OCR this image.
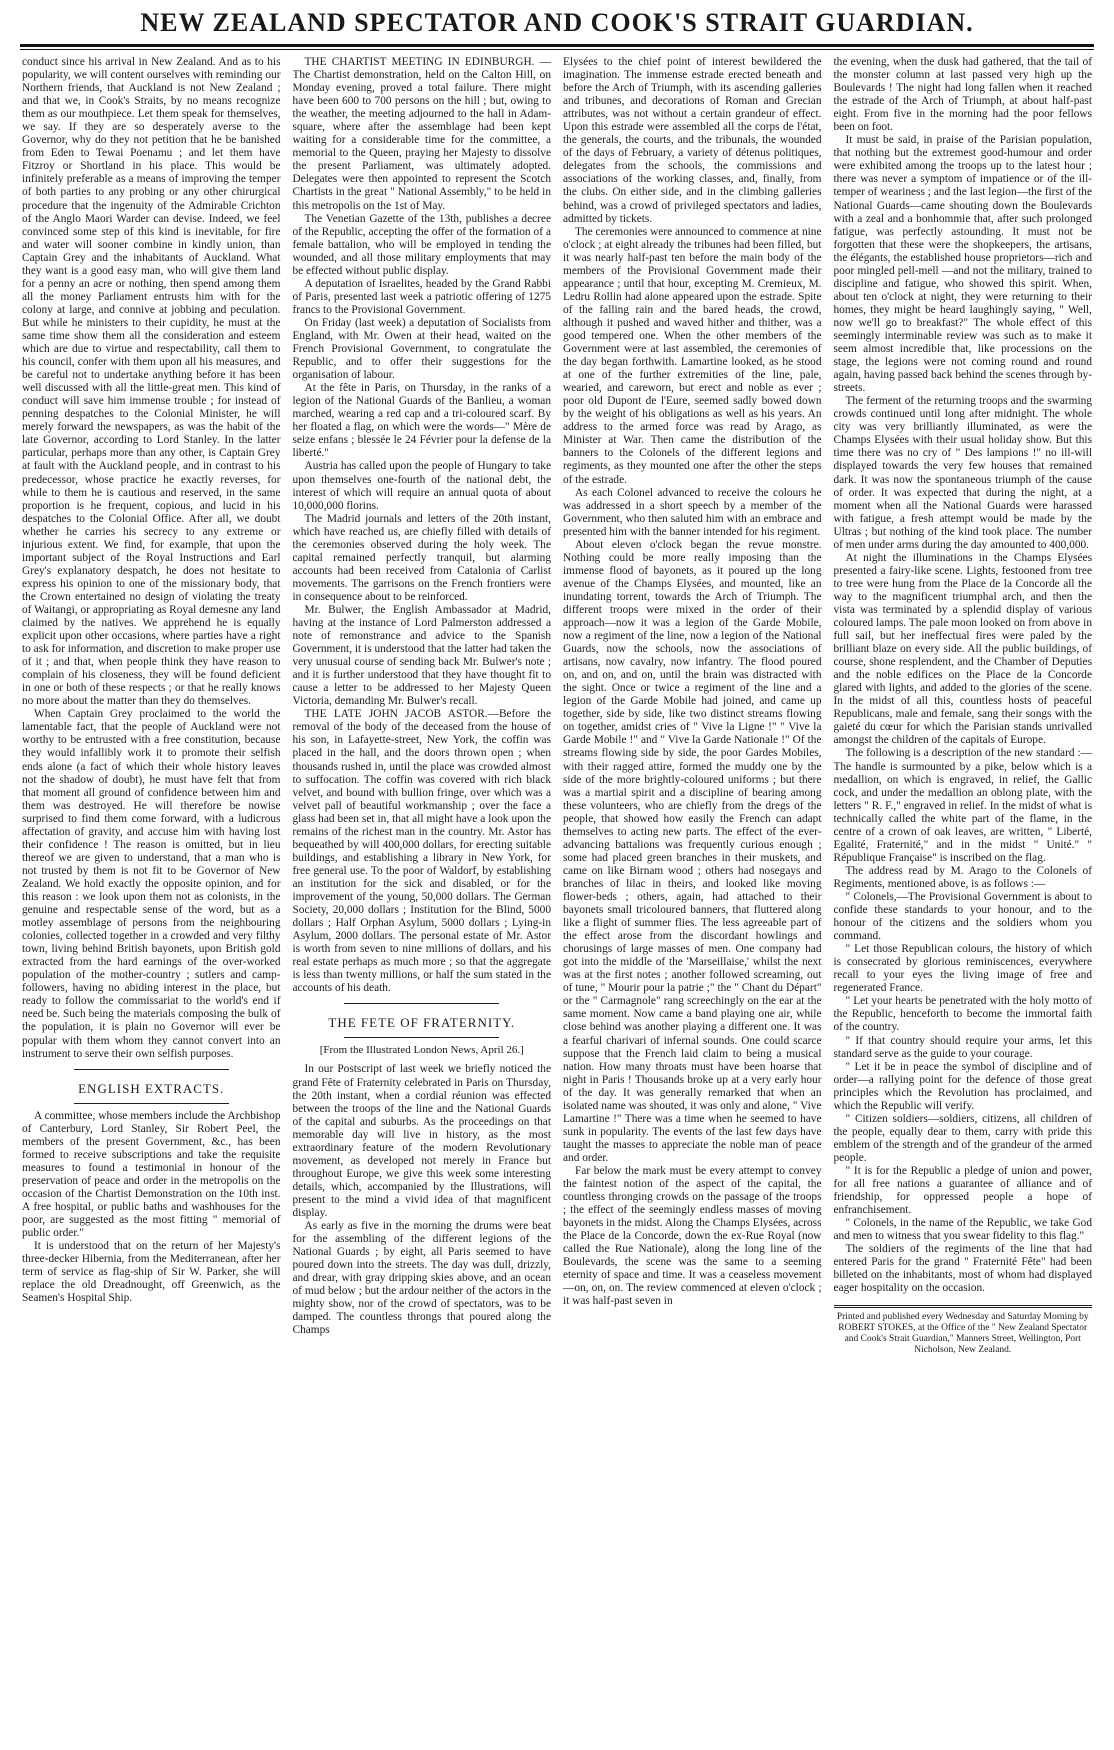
NEW ZEALAND SPECTATOR AND COOK'S STRAIT GUARDIAN.

conduct since his arrival in New Zealand. And as to his popularity, we will content ourselves with reminding our Northern friends, that Auckland is not New Zealand ; and that we, in Cook's Straits, by no means recognize them as our mouthpiece. Let them speak for themselves, we say. If they are so desperately averse to the Governor, why do they not petition that he be banished from Eden to Tewai Poenamu ; and let them have Fitzroy or Shortland in his place. This would be infinitely preferable as a means of improving the temper of both parties to any probing or any other chirurgical procedure that the ingenuity of the Admirable Crichton of the Anglo Maori Warder can devise. Indeed, we feel convinced some step of this kind is inevitable, for fire and water will sooner combine in kindly union, than Captain Grey and the inhabitants of Auckland. What they want is a good easy man, who will give them land for a penny an acre or nothing, then spend among them all the money Parliament entrusts him with for the colony at large, and connive at jobbing and peculation. But while he ministers to their cupidity, he must at the same time show them all the consideration and esteem which are due to virtue and respectability, call them to his council, confer with them upon all his measures, and be careful not to undertake anything before it has been well discussed with all the little-great men. This kind of conduct will save him immense trouble ; for instead of penning despatches to the Colonial Minister, he will merely forward the newspapers, as was the habit of the late Governor, according to Lord Stanley. In the latter particular, perhaps more than any other, is Captain Grey at fault with the Auckland people, and in contrast to his predecessor, whose practice he exactly reverses, for while to them he is cautious and reserved, in the same proportion is he frequent, copious, and lucid in his despatches to the Colonial Office. After all, we doubt whether he carries his secrecy to any extreme or injurious extent. We find, for example, that upon the important subject of the Royal Instructions and Earl Grey's explanatory despatch, he does not hesitate to express his opinion to one of the missionary body, that the Crown entertained no design of violating the treaty of Waitangi, or appropriating as Royal demesne any land claimed by the natives. We apprehend he is equally explicit upon other occasions, where parties have a right to ask for information, and discretion to make proper use of it ; and that, when people think they have reason to complain of his closeness, they will be found deficient in one or both of these respects ; or that he really knows no more about the matter than they do themselves.

When Captain Grey proclaimed to the world the lamentable fact, that the people of Auckland were not worthy to be entrusted with a free constitution, because they would infallibly work it to promote their selfish ends alone (a fact of which their whole history leaves not the shadow of doubt), he must have felt that from that moment all ground of confidence between him and them was destroyed. He will therefore be nowise surprised to find them come forward, with a ludicrous affectation of gravity, and accuse him with having lost their confidence ! The reason is omitted, but in lieu thereof we are given to understand, that a man who is not trusted by them is not fit to be Governor of New Zealand. We hold exactly the opposite opinion, and for this reason : we look upon them not as colonists, in the genuine and respectable sense of the word, but as a motley assemblage of persons from the neighbouring colonies, collected together in a crowded and very filthy town, living behind British bayonets, upon British gold extracted from the hard earnings of the over-worked population of the mother-country ; sutlers and camp-followers, having no abiding interest in the place, but ready to follow the commissariat to the world's end if need be. Such being the materials composing the bulk of the population, it is plain no Governor will ever be popular with them whom they cannot convert into an instrument to serve their own selfish purposes.

ENGLISH EXTRACTS.

A committee, whose members include the Archbishop of Canterbury, Lord Stanley, Sir Robert Peel, the members of the present Government, &c., has been formed to receive subscriptions and take the requisite measures to found a testimonial in honour of the preservation of peace and order in the metropolis on the occasion of the Chartist Demonstration on the 10th inst. A free hospital, or public baths and washhouses for the poor, are suggested as the most fitting " memorial of public order."

It is understood that on the return of her Majesty's three-decker Hibernia, from the Mediterranean, after her term of service as flag-ship of Sir W. Parker, she will replace the old Dreadnought, off Greenwich, as the Seamen's Hospital Ship.

THE CHARTIST MEETING IN EDINBURGH. —The Chartist demonstration, held on the Calton Hill, on Monday evening, proved a total failure. There might have been 600 to 700 persons on the hill ; but, owing to the weather, the meeting adjourned to the hall in Adam-square, where after the assemblage had been kept waiting for a considerable time for the committee, a memorial to the Queen, praying her Majesty to dissolve the present Parliament, was ultimately adopted. Delegates were then appointed to represent the Scotch Chartists in the great " National Assembly," to be held in this metropolis on the 1st of May.

The Venetian Gazette of the 13th, publishes a decree of the Republic, accepting the offer of the formation of a female battalion, who will be employed in tending the wounded, and all those military employments that may be effected without public display.

A deputation of Israelites, headed by the Grand Rabbi of Paris, presented last week a patriotic offering of 1275 francs to the Provisional Government.

On Friday (last week) a deputation of Socialists from England, with Mr. Owen at their head, waited on the French Provisional Government, to congratulate the Republic, and to offer their suggestions for the organisation of labour.

At the fête in Paris, on Thursday, in the ranks of a legion of the National Guards of the Banlieu, a woman marched, wearing a red cap and a tri-coloured scarf. By her floated a flag, on which were the words—" Mère de seize enfans ; blessée le 24 Février pour la defense de la liberté."

Austria has called upon the people of Hungary to take upon themselves one-fourth of the national debt, the interest of which will require an annual quota of about 10,000,000 florins.

The Madrid journals and letters of the 20th instant, which have reached us, are chiefly filled with details of the ceremonies observed during the holy week. The capital remained perfectly tranquil, but alarming accounts had been received from Catalonia of Carlist movements. The garrisons on the French frontiers were in consequence about to be reinforced.

Mr. Bulwer, the English Ambassador at Madrid, having at the instance of Lord Palmerston addressed a note of remonstrance and advice to the Spanish Government, it is understood that the latter had taken the very unusual course of sending back Mr. Bulwer's note ; and it is further understood that they have thought fit to cause a letter to be addressed to her Majesty Queen Victoria, demanding Mr. Bulwer's recall.

THE LATE JOHN JACOB ASTOR.—Before the removal of the body of the deceased from the house of his son, in Lafayette-street, New York, the coffin was placed in the hall, and the doors thrown open ; when thousands rushed in, until the place was crowded almost to suffocation. The coffin was covered with rich black velvet, and bound with bullion fringe, over which was a velvet pall of beautiful workmanship ; over the face a glass had been set in, that all might have a look upon the remains of the richest man in the country. Mr. Astor has bequeathed by will 400,000 dollars, for erecting suitable buildings, and establishing a library in New York, for free general use. To the poor of Waldorf, by establishing an institution for the sick and disabled, or for the improvement of the young, 50,000 dollars. The German Society, 20,000 dollars ; Institution for the Blind, 5000 dollars ; Half Orphan Asylum, 5000 dollars ; Lying-in Asylum, 2000 dollars. The personal estate of Mr. Astor is worth from seven to nine millions of dollars, and his real estate perhaps as much more ; so that the aggregate is less than twenty millions, or half the sum stated in the accounts of his death.

THE FETE OF FRATERNITY.
[From the Illustrated London News, April 26.]

In our Postscript of last week we briefly noticed the grand Fête of Fraternity celebrated in Paris on Thursday, the 20th instant, when a cordial réunion was effected between the troops of the line and the National Guards of the capital and suburbs. As the proceedings on that memorable day will live in history, as the most extraordinary feature of the modern Revolutionary movement, as developed not merely in France but throughout Europe, we give this week some interesting details, which, accompanied by the Illustrations, will present to the mind a vivid idea of that magnificent display.

As early as five in the morning the drums were beat for the assembling of the different legions of the National Guards ; by eight, all Paris seemed to have poured down into the streets. The day was dull, drizzly, and drear, with gray dripping skies above, and an ocean of mud below ; but the ardour neither of the actors in the mighty show, nor of the crowd of spectators, was to be damped. The countless throngs that poured along the Champs

Elysées to the chief point of interest bewildered the imagination. The immense estrade erected beneath and before the Arch of Triumph, with its ascending galleries and tribunes, and decorations of Roman and Grecian attributes, was not without a certain grandeur of effect. Upon this estrade were assembled all the corps de l'état, the generals, the courts, and the tribunals, the wounded of the days of February, a variety of détenus politiques, delegates from the schools, the commissions and associations of the working classes, and, finally, from the clubs. On either side, and in the climbing galleries behind, was a crowd of privileged spectators and ladies, admitted by tickets.

The ceremonies were announced to commence at nine o'clock ; at eight already the tribunes had been filled, but it was nearly half-past ten before the main body of the members of the Provisional Government made their appearance ; until that hour, excepting M. Cremieux, M. Ledru Rollin had alone appeared upon the estrade. Spite of the falling rain and the bared heads, the crowd, although it pushed and waved hither and thither, was a good tempered one. When the other members of the Government were at last assembled, the ceremonies of the day began forthwith. Lamartine looked, as he stood at one of the further extremities of the line, pale, wearied, and careworn, but erect and noble as ever ; poor old Dupont de l'Eure, seemed sadly bowed down by the weight of his obligations as well as his years. An address to the armed force was read by Arago, as Minister at War. Then came the distribution of the banners to the Colonels of the different legions and regiments, as they mounted one after the other the steps of the estrade.

As each Colonel advanced to receive the colours he was addressed in a short speech by a member of the Government, who then saluted him with an embrace and presented him with the banner intended for his regiment.

About eleven o'clock began the revue monstre. Nothing could be more really imposing than the immense flood of bayonets, as it poured up the long avenue of the Champs Elysées, and mounted, like an inundating torrent, towards the Arch of Triumph. The different troops were mixed in the order of their approach—now it was a legion of the Garde Mobile, now a regiment of the line, now a legion of the National Guards, now the schools, now the associations of artisans, now cavalry, now infantry. The flood poured on, and on, and on, until the brain was distracted with the sight. Once or twice a regiment of the line and a legion of the Garde Mobile had joined, and came up together, side by side, like two distinct streams flowing on together, amidst cries of " Vive la Ligne !" " Vive la Garde Mobile !" and " Vive la Garde Nationale !" Of the streams flowing side by side, the poor Gardes Mobiles, with their ragged attire, formed the muddy one by the side of the more brightly-coloured uniforms ; but there was a martial spirit and a discipline of bearing among these volunteers, who are chiefly from the dregs of the people, that showed how easily the French can adapt themselves to acting new parts. The effect of the ever-advancing battalions was frequently curious enough ; some had placed green branches in their muskets, and came on like Birnam wood ; others had nosegays and branches of lilac in theirs, and looked like moving flower-beds ; others, again, had attached to their bayonets small tricoloured banners, that fluttered along like a flight of summer flies. The less agreeable part of the effect arose from the discordant howlings and chorusings of large masses of men. One company had got into the middle of the 'Marseillaise,' whilst the next was at the first notes ; another followed screaming, out of tune, " Mourir pour la patrie ;" the " Chant du Départ" or the " Carmagnole" rang screechingly on the ear at the same moment. Now came a band playing one air, while close behind was another playing a different one. It was a fearful charivari of infernal sounds. One could scarce suppose that the French laid claim to being a musical nation. How many throats must have been hoarse that night in Paris ! Thousands broke up at a very early hour of the day. It was generally remarked that when an isolated name was shouted, it was only and alone, " Vive Lamartine !" There was a time when he seemed to have sunk in popularity. The events of the last few days have taught the masses to appreciate the noble man of peace and order.

Far below the mark must be every attempt to convey the faintest notion of the aspect of the capital, the countless thronging crowds on the passage of the troops ; the effect of the seemingly endless masses of moving bayonets in the midst. Along the Champs Elysées, across the Place de la Concorde, down the ex-Rue Royal (now called the Rue Nationale), along the long line of the Boulevards, the scene was the same to a seeming eternity of space and time. It was a ceaseless movement—on, on, on. The review commenced at eleven o'clock ; it was half-past seven in

the evening, when the dusk had gathered, that the tail of the monster column at last passed very high up the Boulevards ! The night had long fallen when it reached the estrade of the Arch of Triumph, at about half-past eight. From five in the morning had the poor fellows been on foot.

It must be said, in praise of the Parisian population, that nothing but the extremest good-humour and order were exhibited among the troops up to the latest hour ; there was never a symptom of impatience or of the ill-temper of weariness ; and the last legion—the first of the National Guards—came shouting down the Boulevards with a zeal and a bonhommie that, after such prolonged fatigue, was perfectly astounding. It must not be forgotten that these were the shopkeepers, the artisans, the élégants, the established house proprietors—rich and poor mingled pell-mell —and not the military, trained to discipline and fatigue, who showed this spirit. When, about ten o'clock at night, they were returning to their homes, they might be heard laughingly saying, " Well, now we'll go to breakfast?" The whole effect of this seemingly interminable review was such as to make it seem almost incredible that, like processions on the stage, the legions were not coming round and round again, having passed back behind the scenes through by-streets.

The ferment of the returning troops and the swarming crowds continued until long after midnight. The whole city was very brilliantly illuminated, as were the Champs Elysées with their usual holiday show. But this time there was no cry of " Des lampions !" no ill-will displayed towards the very few houses that remained dark. It was now the spontaneous triumph of the cause of order. It was expected that during the night, at a moment when all the National Guards were harassed with fatigue, a fresh attempt would be made by the Ultras ; but nothing of the kind took place. The number of men under arms during the day amounted to 400,000.

At night the illuminations in the Champs Elysées presented a fairy-like scene. Lights, festooned from tree to tree were hung from the Place de la Concorde all the way to the magnificent triumphal arch, and then the vista was terminated by a splendid display of various coloured lamps. The pale moon looked on from above in full sail, but her ineffectual fires were paled by the brilliant blaze on every side. All the public buildings, of course, shone resplendent, and the Chamber of Deputies and the noble edifices on the Place de la Concorde glared with lights, and added to the glories of the scene. In the midst of all this, countless hosts of peaceful Republicans, male and female, sang their songs with the gaieté du cœur for which the Parisian stands unrivalled amongst the children of the capitals of Europe.

The following is a description of the new standard :—The handle is surmounted by a pike, below which is a medallion, on which is engraved, in relief, the Gallic cock, and under the medallion an oblong plate, with the letters " R. F.," engraved in relief. In the midst of what is technically called the white part of the flame, in the centre of a crown of oak leaves, are written, " Liberté, Egalité, Fraternité," and in the midst " Unité." " République Française" is inscribed on the flag.

The address read by M. Arago to the Colonels of Regiments, mentioned above, is as follows :—

" Colonels,—The Provisional Government is about to confide these standards to your honour, and to the honour of the citizens and the soldiers whom you command.

" Let those Republican colours, the history of which is consecrated by glorious reminiscences, everywhere recall to your eyes the living image of free and regenerated France.

" Let your hearts be penetrated with the holy motto of the Republic, henceforth to become the immortal faith of the country.

" If that country should require your arms, let this standard serve as the guide to your courage.

" Let it be in peace the symbol of discipline and of order—a rallying point for the defence of those great principles which the Revolution has proclaimed, and which the Republic will verify.

" Citizen soldiers—soldiers, citizens, all children of the people, equally dear to them, carry with pride this emblem of the strength and of the grandeur of the armed people.

" It is for the Republic a pledge of union and power, for all free nations a guarantee of alliance and of friendship, for oppressed people a hope of enfranchisement.

" Colonels, in the name of the Republic, we take God and men to witness that you swear fidelity to this flag."

The soldiers of the regiments of the line that had entered Paris for the grand " Fraternité Fête" had been billeted on the inhabitants, most of whom had displayed eager hospitality on the occasion.

Printed and published every Wednesday and Saturday Morning by ROBERT STOKES, at the Office of the " New Zealand Spectator and Cook's Strait Guardian," Manners Street, Wellington, Port Nicholson, New Zealand.
